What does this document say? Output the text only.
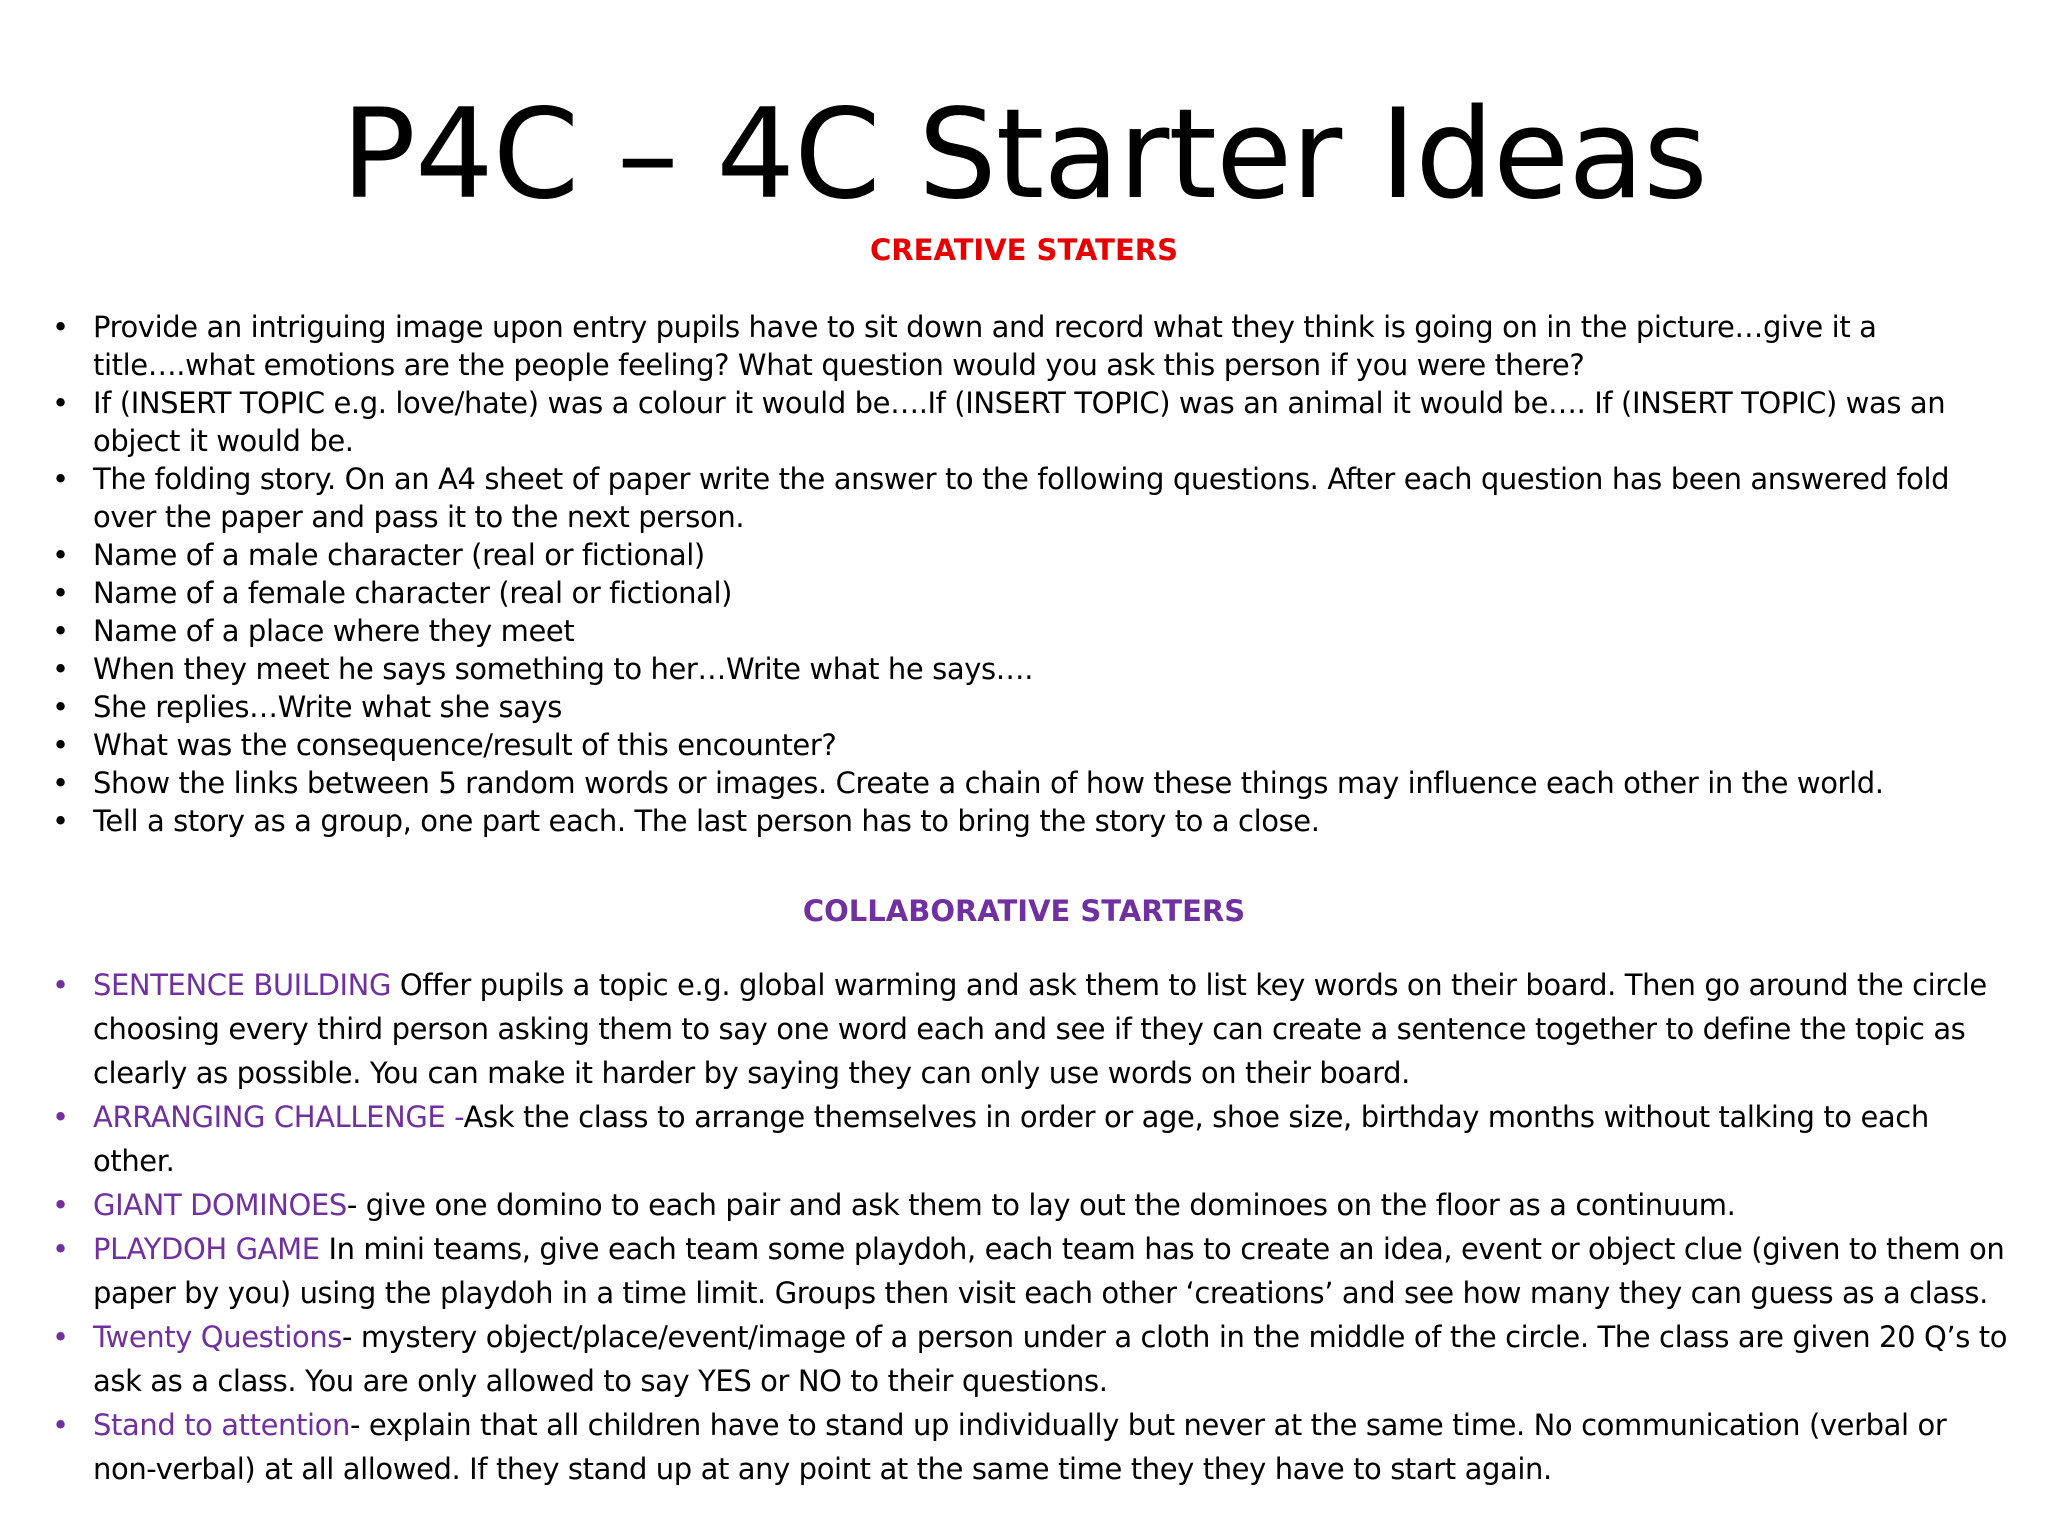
P4C – 4C Starter Ideas
CREATIVE STATERS
• Provide an intriguing image upon entry pupils have to sit down and record what they think is going on in the picture…give it a title….what emotions are the people feeling? What question would you ask this person if you were there?
• If (INSERT TOPIC e.g. love/hate) was a colour it would be….If (INSERT TOPIC) was an animal it would be…. If (INSERT TOPIC) was an object it would be.
• The folding story. On an A4 sheet of paper write the answer to the following questions. After each question has been answered fold over the paper and pass it to the next person.
• Name of a male character (real or fictional)
• Name of a female character (real or fictional)
• Name of a place where they meet
• When they meet he says something to her…Write what he says….
• She replies…Write what she says
• What was the consequence/result of this encounter?
• Show the links between 5 random words or images. Create a chain of how these things may influence each other in the world.
• Tell a story as a group, one part each. The last person has to bring the story to a close.
COLLABORATIVE STARTERS
• SENTENCE BUILDING Offer pupils a topic e.g. global warming and ask them to list key words on their board. Then go around the circle choosing every third person asking them to say one word each and see if they can create a sentence together to define the topic as clearly as possible. You can make it harder by saying they can only use words on their board.
• ARRANGING CHALLENGE -Ask the class to arrange themselves in order or age, shoe size, birthday months without talking to each other.
• GIANT DOMINOES- give one domino to each pair and ask them to lay out the dominoes on the floor as a continuum.
• PLAYDOH GAME In mini teams, give each team some playdoh, each team has to create an idea, event or object clue (given to them on paper by you) using the playdoh in a time limit. Groups then visit each other ‘creations’ and see how many they can guess as a class.
• Twenty Questions- mystery object/place/event/image of a person under a cloth in the middle of the circle. The class are given 20 Q’s to ask as a class. You are only allowed to say YES or NO to their questions.
• Stand to attention- explain that all children have to stand up individually but never at the same time. No communication (verbal or non-verbal) at all allowed. If they stand up at any point at the same time they they have to start again.
